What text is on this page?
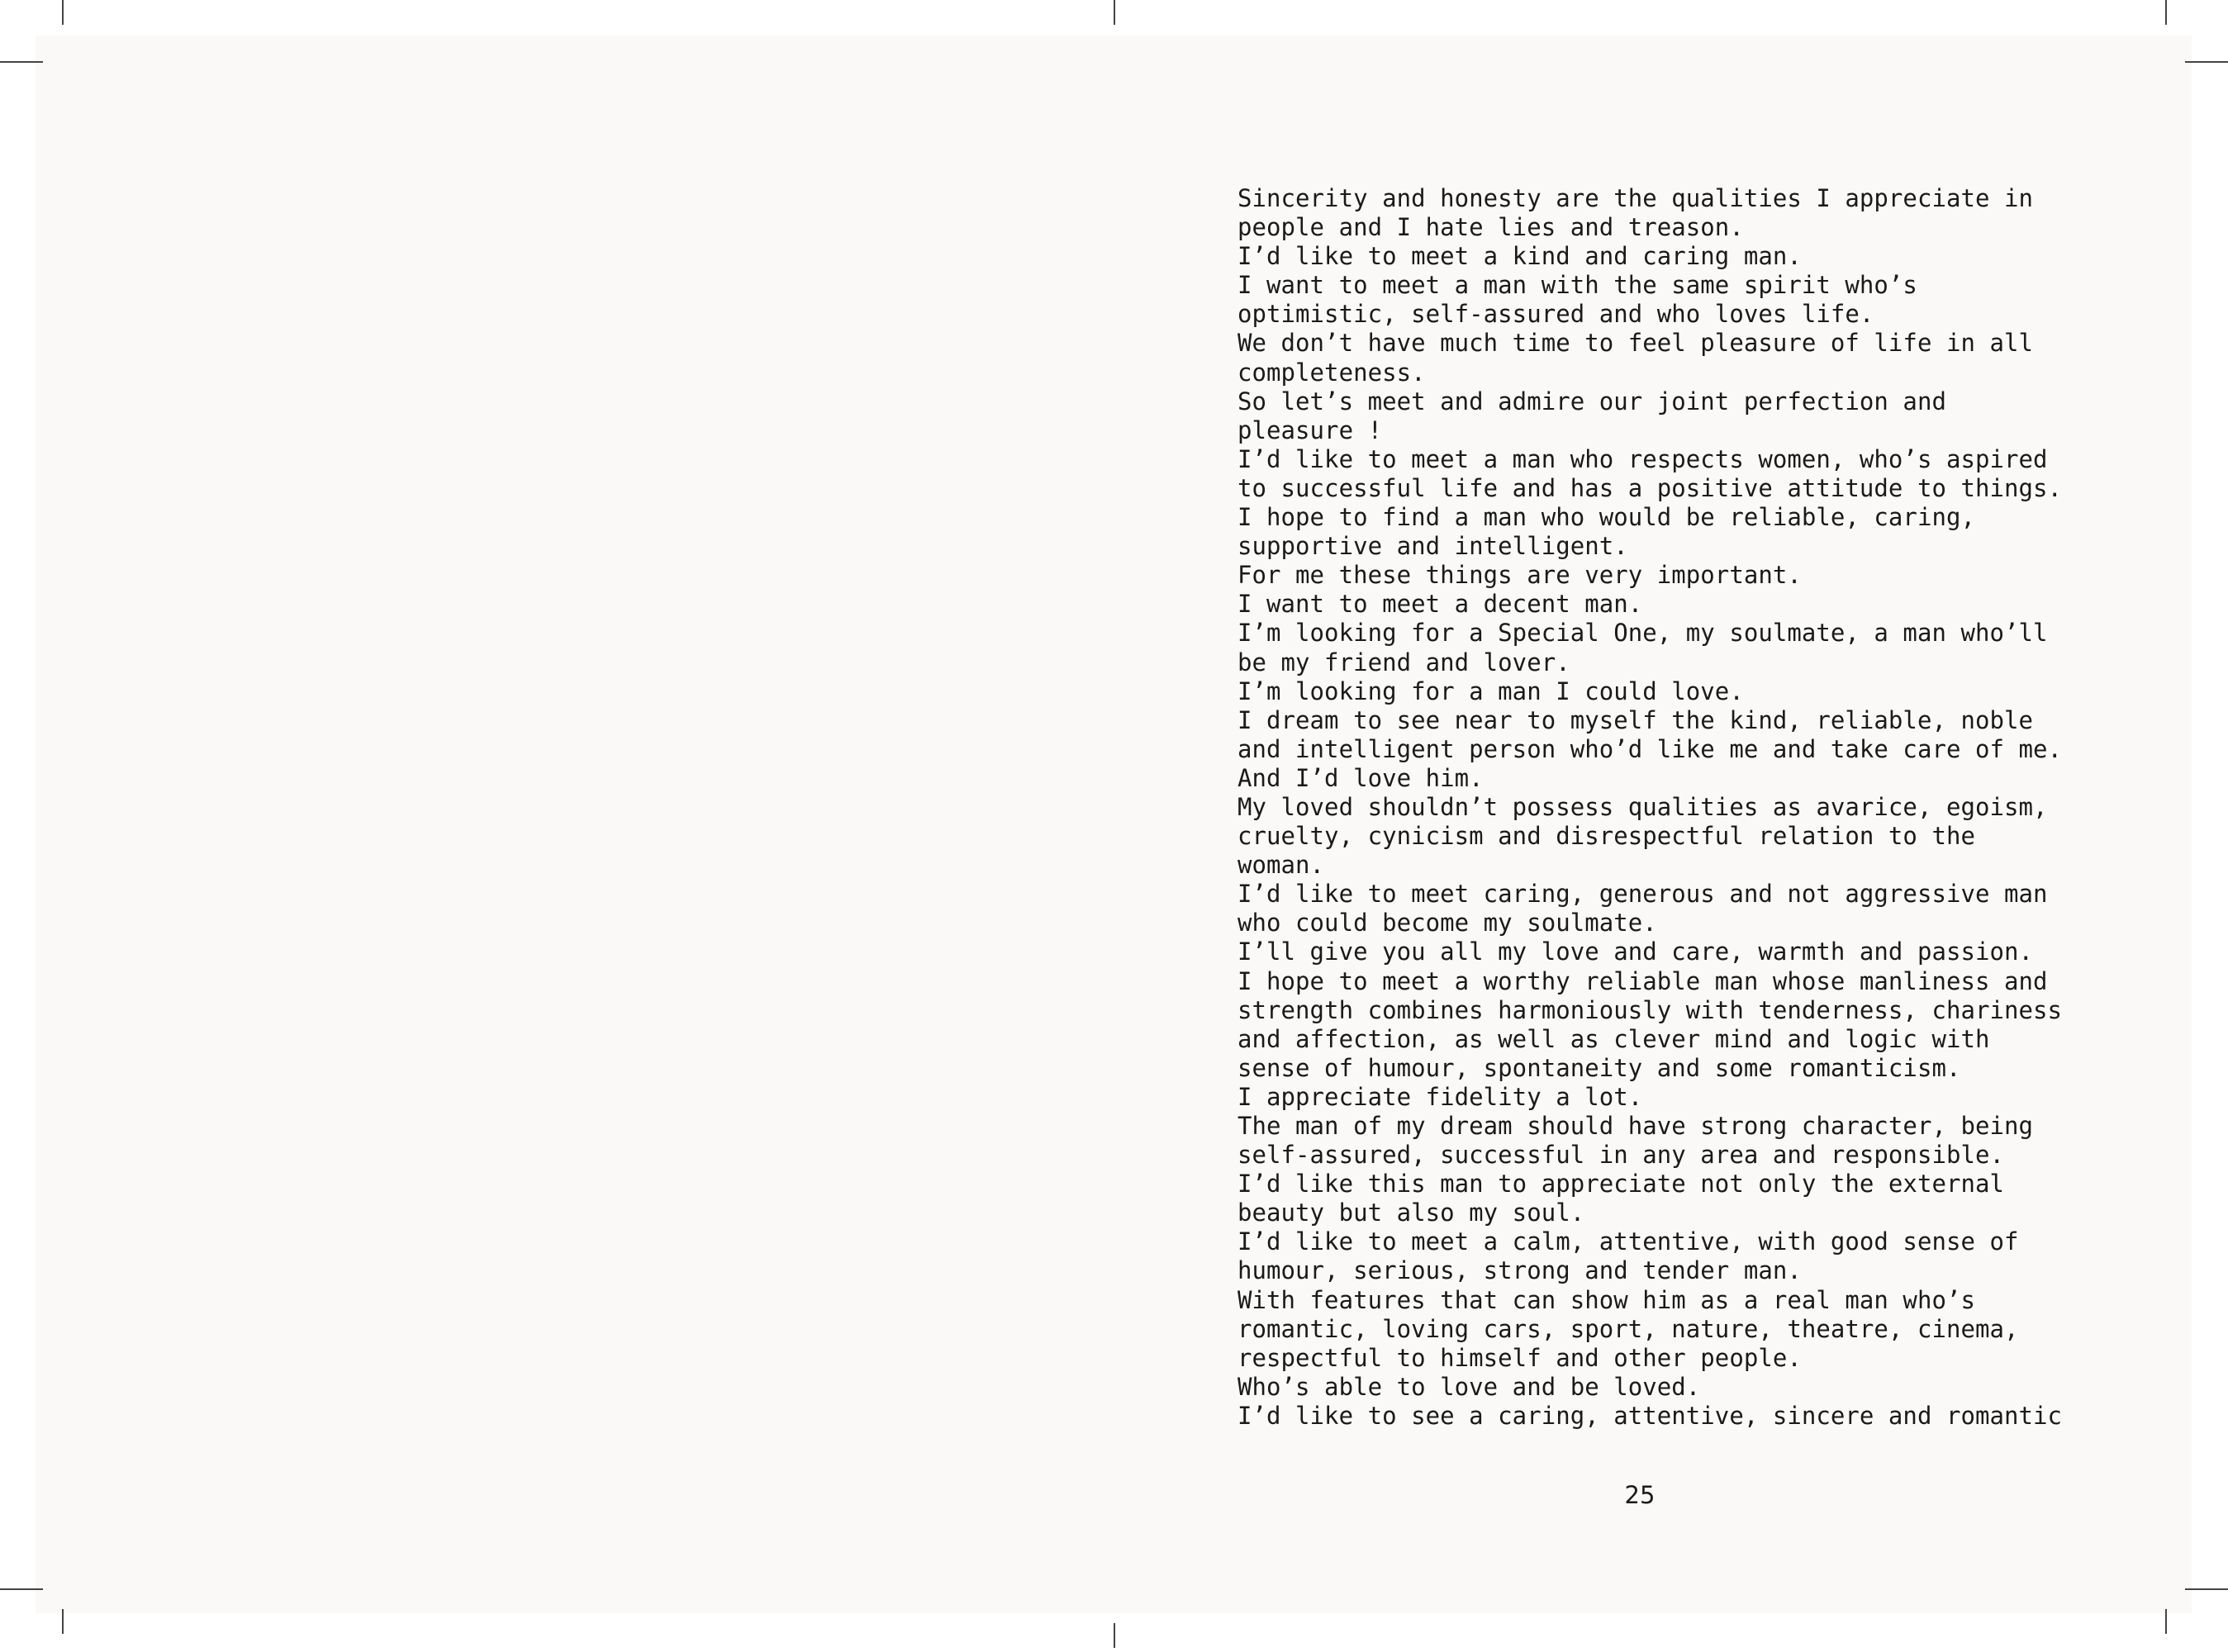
Sincerity and honesty are the qualities I appreciate in
people and I hate lies and treason.
I’d like to meet a kind and caring man.
I want to meet a man with the same spirit who’s
optimistic, self-assured and who loves life.
We don’t have much time to feel pleasure of life in all
completeness.
So let’s meet and admire our joint perfection and
pleasure !
I’d like to meet a man who respects women, who’s aspired
to successful life and has a positive attitude to things.
I hope to find a man who would be reliable, caring,
supportive and intelligent.
For me these things are very important.
I want to meet a decent man.
I’m looking for a Special One, my soulmate, a man who’ll
be my friend and lover.
I’m looking for a man I could love.
I dream to see near to myself the kind, reliable, noble
and intelligent person who’d like me and take care of me.
And I’d love him.
My loved shouldn’t possess qualities as avarice, egoism,
cruelty, cynicism and disrespectful relation to the
woman.
I’d like to meet caring, generous and not aggressive man
who could become my soulmate.
I’ll give you all my love and care, warmth and passion.
I hope to meet a worthy reliable man whose manliness and
strength combines harmoniously with tenderness, chariness
and affection, as well as clever mind and logic with
sense of humour, spontaneity and some romanticism.
I appreciate fidelity a lot.
The man of my dream should have strong character, being
self-assured, successful in any area and responsible.
I’d like this man to appreciate not only the external
beauty but also my soul.
I’d like to meet a calm, attentive, with good sense of
humour, serious, strong and tender man.
With features that can show him as a real man who’s
romantic, loving cars, sport, nature, theatre, cinema,
respectful to himself and other people.
Who’s able to love and be loved.
I’d like to see a caring, attentive, sincere and romantic
25
